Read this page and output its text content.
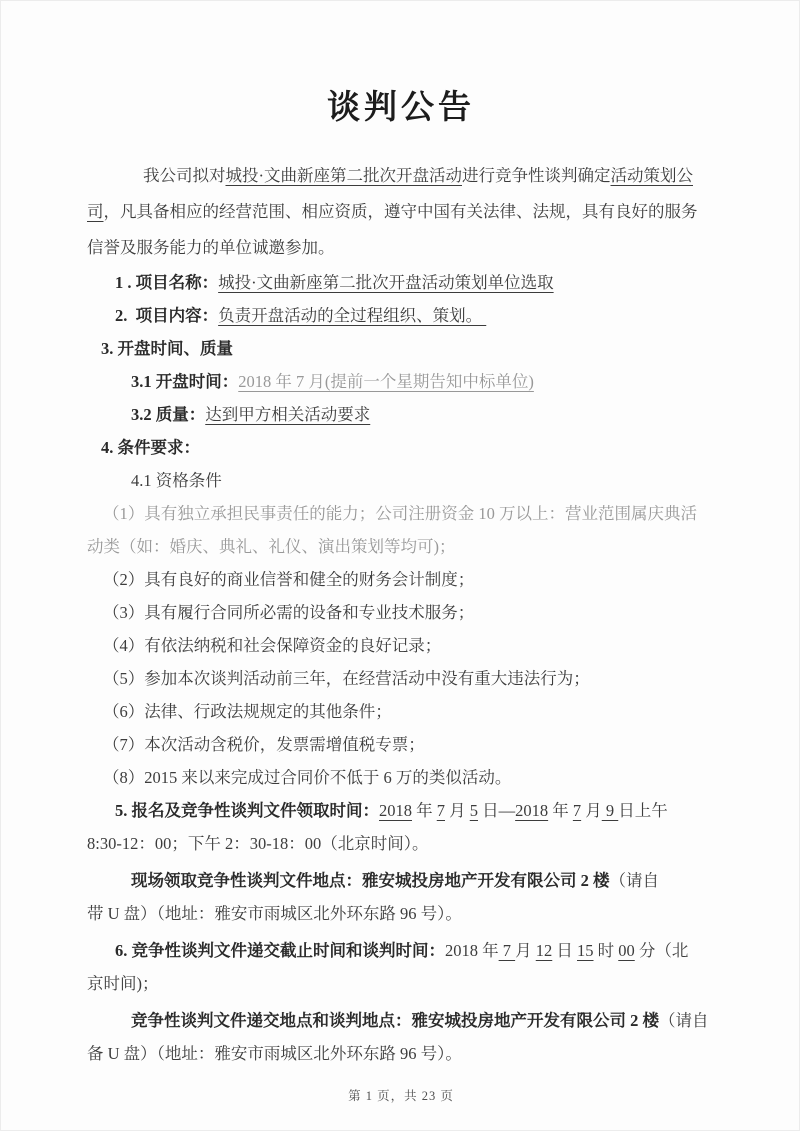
谈判公告
我公司拟对城投·文曲新座第二批次开盘活动进行竞争性谈判确定活动策划公
司，凡具备相应的经营范围、相应资质，遵守中国有关法律、法规，具有良好的服务
信誉及服务能力的单位诚邀参加。
1 . 项目名称：城投·文曲新座第二批次开盘活动策划单位选取
2.  项目内容：负责开盘活动的全过程组织、策划。
3. 开盘时间、质量
3.1 开盘时间：2018 年 7 月(提前一个星期告知中标单位)
3.2 质量：达到甲方相关活动要求
4. 条件要求：
4.1 资格条件
（1）具有独立承担民事责任的能力；公司注册资金 10 万以上：营业范围属庆典活
动类（如：婚庆、典礼、礼仪、演出策划等均可)；
（2）具有良好的商业信誉和健全的财务会计制度；
（3）具有履行合同所必需的设备和专业技术服务；
（4）有依法纳税和社会保障资金的良好记录；
（5）参加本次谈判活动前三年，在经营活动中没有重大违法行为；
（6）法律、行政法规规定的其他条件；
（7）本次活动含税价，发票需增值税专票；
（8）2015 来以来完成过合同价不低于 6 万的类似活动。
5. 报名及竞争性谈判文件领取时间：2018 年 7 月 5 日—2018 年 7 月 9 日上午
8:30-12：00；下午 2：30-18：00（北京时间）。
现场领取竞争性谈判文件地点：雅安城投房地产开发有限公司 2 楼（请自
带 U 盘）（地址：雅安市雨城区北外环东路 96 号）。
6. 竞争性谈判文件递交截止时间和谈判时间：2018 年 7 月 12 日 15 时 00 分（北
京时间)；
竞争性谈判文件递交地点和谈判地点：雅安城投房地产开发有限公司 2 楼（请自
备 U 盘）（地址：雅安市雨城区北外环东路 96 号）。
第 1 页，共 23 页
